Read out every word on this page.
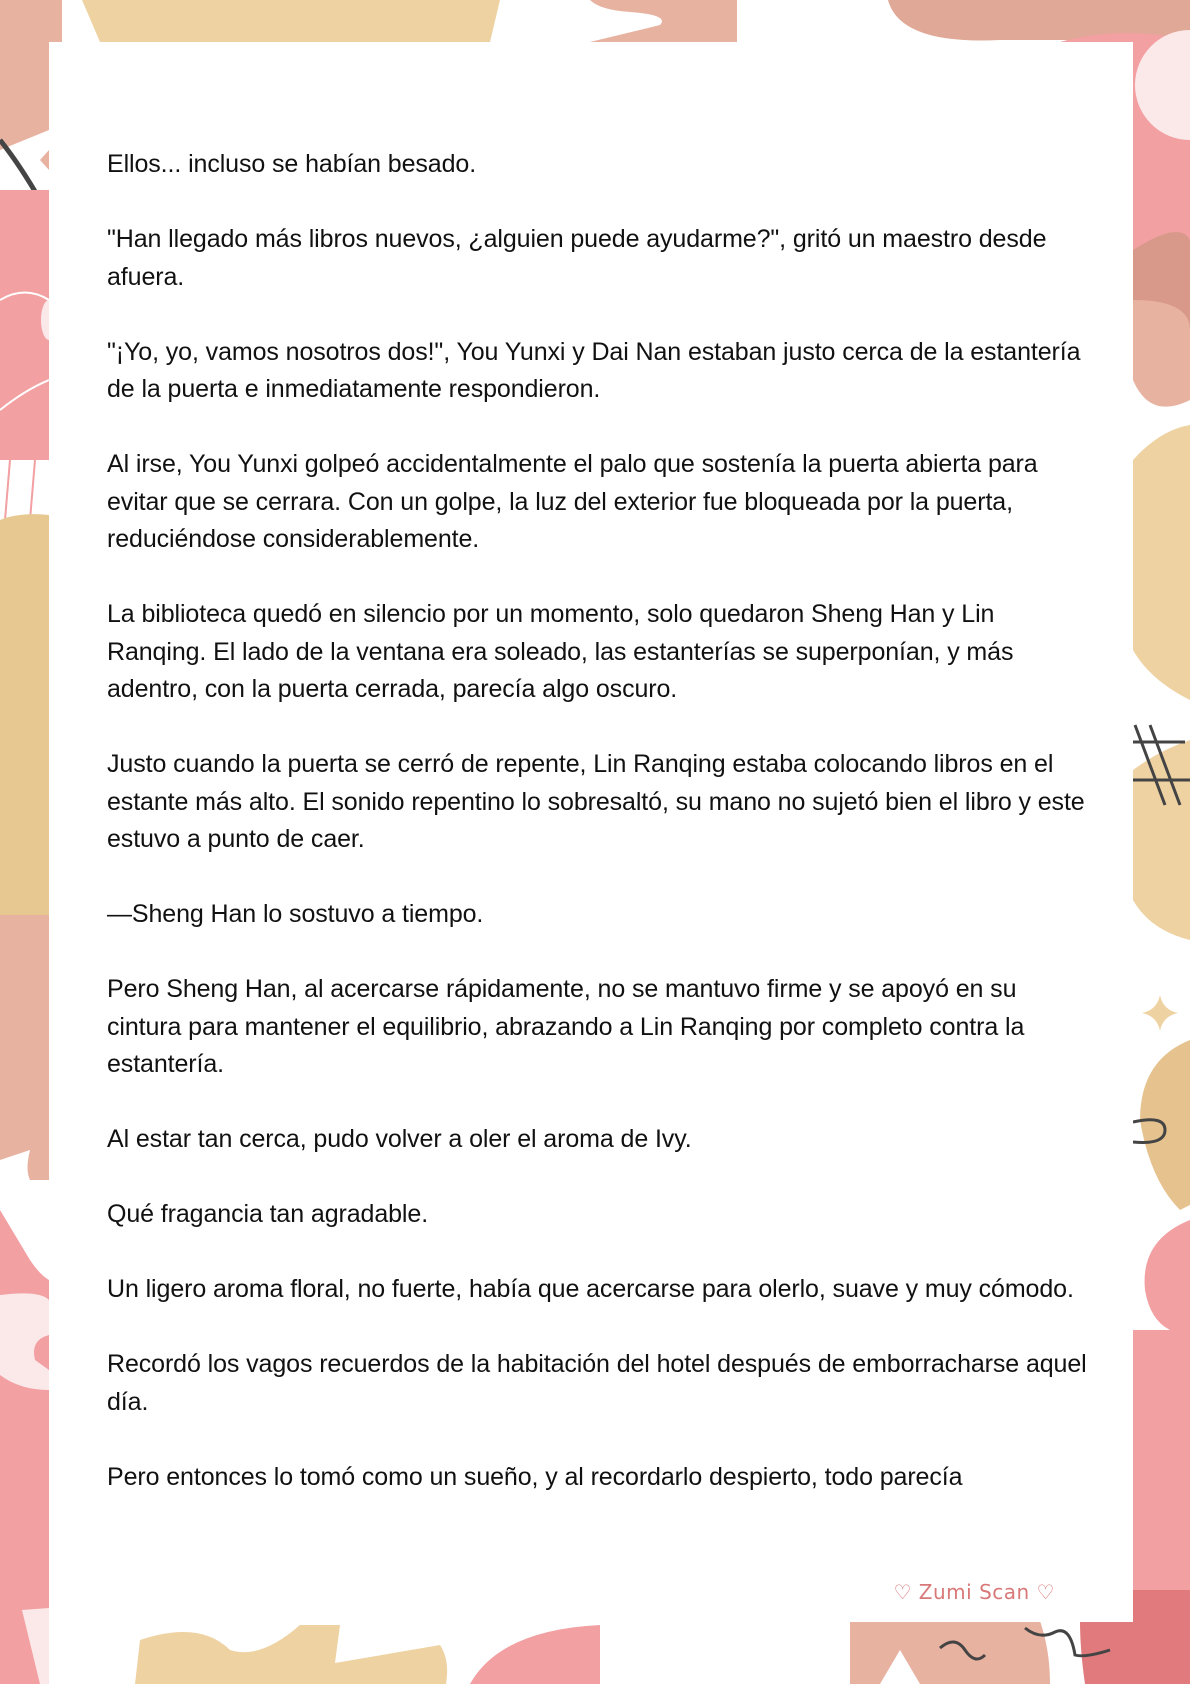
Ellos... incluso se habían besado.

"Han llegado más libros nuevos, ¿alguien puede ayudarme?", gritó un maestro desde afuera.

"¡Yo, yo, vamos nosotros dos!", You Yunxi y Dai Nan estaban justo cerca de la estantería de la puerta e inmediatamente respondieron.

Al irse, You Yunxi golpeó accidentalmente el palo que sostenía la puerta abierta para evitar que se cerrara. Con un golpe, la luz del exterior fue bloqueada por la puerta, reduciéndose considerablemente.

La biblioteca quedó en silencio por un momento, solo quedaron Sheng Han y Lin Ranqing. El lado de la ventana era soleado, las estanterías se superponían, y más adentro, con la puerta cerrada, parecía algo oscuro.

Justo cuando la puerta se cerró de repente, Lin Ranqing estaba colocando libros en el estante más alto. El sonido repentino lo sobresaltó, su mano no sujetó bien el libro y este estuvo a punto de caer.

—Sheng Han lo sostuvo a tiempo.

Pero Sheng Han, al acercarse rápidamente, no se mantuvo firme y se apoyó en su cintura para mantener el equilibrio, abrazando a Lin Ranqing por completo contra la estantería.

Al estar tan cerca, pudo volver a oler el aroma de Ivy.

Qué fragancia tan agradable.

Un ligero aroma floral, no fuerte, había que acercarse para olerlo, suave y muy cómodo.

Recordó los vagos recuerdos de la habitación del hotel después de emborracharse aquel día.

Pero entonces lo tomó como un sueño, y al recordarlo despierto, todo parecía

♡ Zumi Scan ♡
